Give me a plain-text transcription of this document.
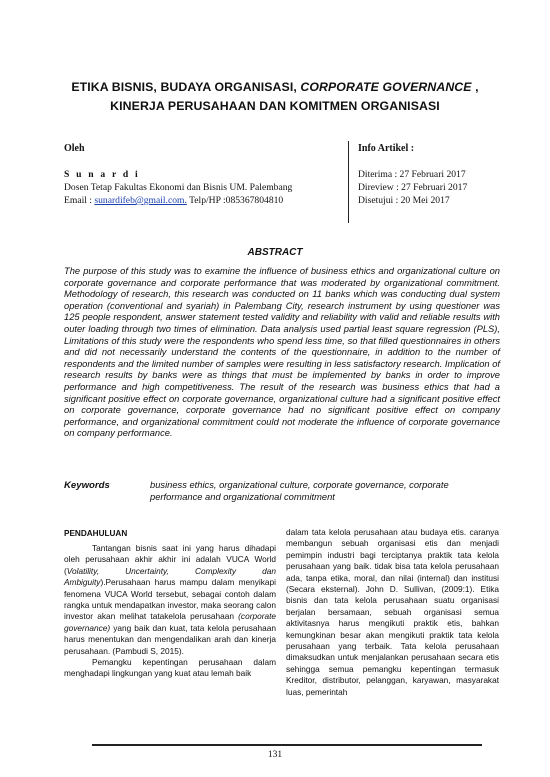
ETIKA BISNIS, BUDAYA ORGANISASI, CORPORATE GOVERNANCE ,
KINERJA PERUSAHAAN DAN KOMITMEN ORGANISASI
Oleh
S u n a r d i
Dosen Tetap Fakultas Ekonomi dan Bisnis UM. Palembang
Email : sunardifeb@gmail.com. Telp/HP :085367804810
Info Artikel :
Diterima : 27 Februari 2017
Direview : 27 Februari 2017
Disetujui : 20 Mei 2017
ABSTRACT
The purpose of this study was to examine the influence of business ethics and organizational culture on corporate governance and corporate performance that was moderated by organizational commitment. Methodology of research, this research was conducted on 11 banks which was conducting dual system operation (conventional and syariah) in Palembang City, research instrument by using questioner was 125 people respondent, answer statement tested validity and reliability with valid and reliable results with outer loading through two times of elimination. Data analysis used partial least square regression (PLS), Limitations of this study were the respondents who spend less time, so that filled questionnaires in others and did not necessarily understand the contents of the questionnaire, in addition to the number of respondents and the limited number of samples were resulting in less satisfactory research. Implication of research results by banks were as things that must be implemented by banks in order to improve performance and high competitiveness. The result of the research was business ethics that had a significant positive effect on corporate governance, organizational culture had a significant positive effect on corporate governance, corporate governance had no significant positive effect on company performance, and organizational commitment could not moderate the influence of corporate governance on company performance.
Keywords	business ethics, organizational culture, corporate governance, corporate performance and organizational commitment
PENDAHULUAN

Tantangan bisnis saat ini yang harus dihadapi oleh perusahaan akhir akhir ini adalah VUCA World (Volatility, Uncertainty, Complexity dan Ambiguity).Perusahaan harus mampu dalam menyikapi fenomena VUCA World tersebut, sebagai contoh dalam rangka untuk mendapatkan investor, maka seorang calon investor akan melihat tatakelola perusahaan (corporate governance) yang baik dan kuat, tata kelola perusahaan harus menentukan dan mengendalikan arah dan kinerja perusahaan. (Pambudi S, 2015).

Pemangku kepentingan perusahaan dalam menghadapi lingkungan yang kuat atau lemah baik

dalam tata kelola perusahaan atau budaya etis. caranya membangun sebuah organisasi etis dan menjadi pemimpin industri bagi terciptanya praktik tata kelola perusahaan yang baik. tidak bisa tata kelola perusahaan ada, tanpa etika, moral, dan nilai (internal) dan institusi (Secara eksternal). John D. Sullivan, (2009:1). Etika bisnis dan tata kelola perusahaan suatu organisasi berjalan bersamaan, sebuah organisasi semua aktivitasnya harus mengikuti praktik etis, bahkan kemungkinan besar akan mengikuti praktik tata kelola perusahaan yang terbaik. Tata kelola perusahaan dimaksudkan untuk menjalankan perusahaan secara etis sehingga semua pemangku kepentingan termasuk Kreditor, distributor, pelanggan, karyawan, masyarakat luas, pemerintah

131
